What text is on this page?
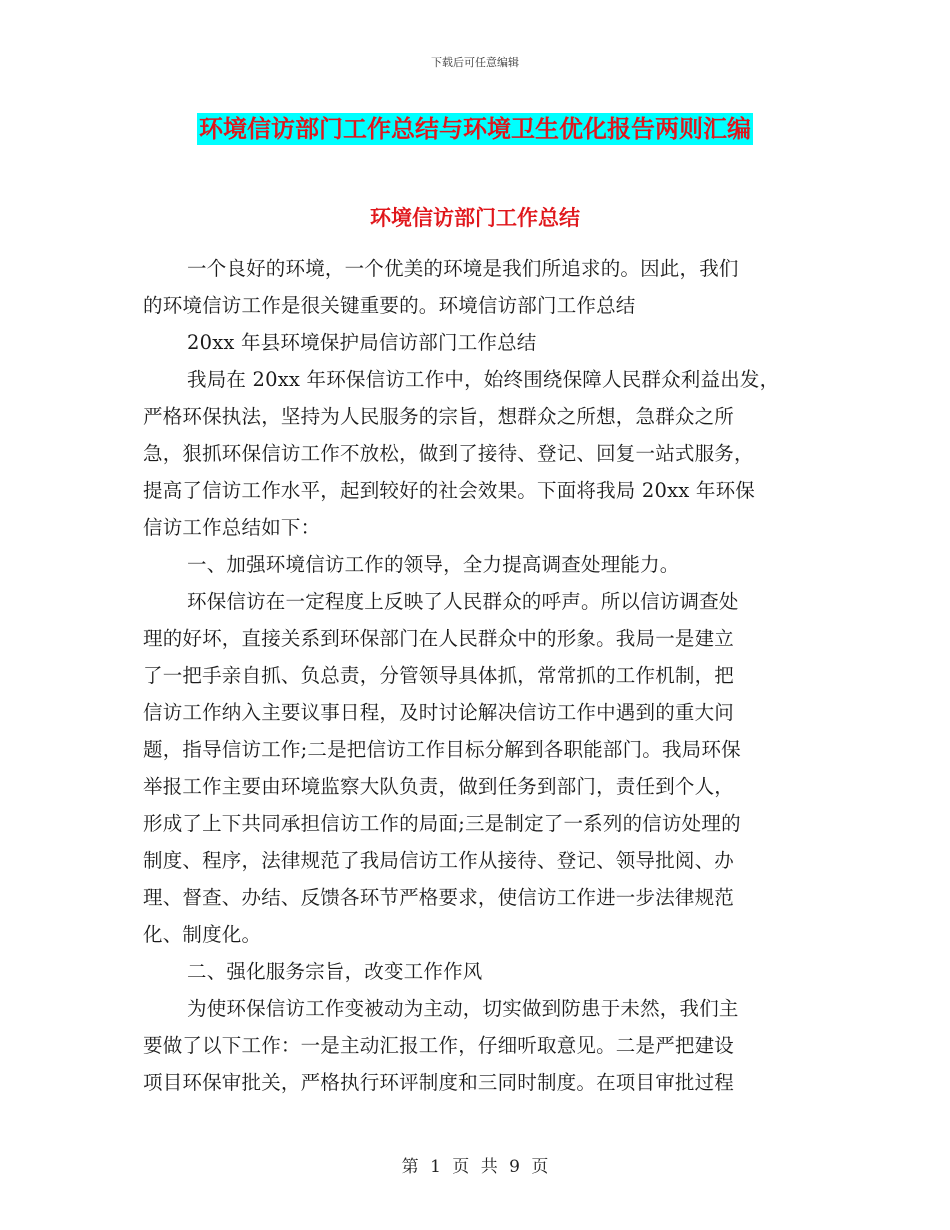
下载后可任意编辑
环境信访部门工作总结与环境卫生优化报告两则汇编
环境信访部门工作总结
一个良好的环境，一个优美的环境是我们所追求的。因此，我们
的环境信访工作是很关键重要的。环境信访部门工作总结
20xx 年县环境保护局信访部门工作总结
我局在 20xx 年环保信访工作中，始终围绕保障人民群众利益出发，
严格环保执法，坚持为人民服务的宗旨，想群众之所想，急群众之所
急，狠抓环保信访工作不放松，做到了接待、登记、回复一站式服务，
提高了信访工作水平，起到较好的社会效果。下面将我局 20xx 年环保
信访工作总结如下：
一、加强环境信访工作的领导，全力提高调查处理能力。
环保信访在一定程度上反映了人民群众的呼声。所以信访调查处
理的好坏，直接关系到环保部门在人民群众中的形象。我局一是建立
了一把手亲自抓、负总责，分管领导具体抓，常常抓的工作机制，把
信访工作纳入主要议事日程，及时讨论解决信访工作中遇到的重大问
题，指导信访工作;二是把信访工作目标分解到各职能部门。我局环保
举报工作主要由环境监察大队负责，做到任务到部门，责任到个人，
形成了上下共同承担信访工作的局面;三是制定了一系列的信访处理的
制度、程序，法律规范了我局信访工作从接待、登记、领导批阅、办
理、督查、办结、反馈各环节严格要求，使信访工作进一步法律规范
化、制度化。
二、强化服务宗旨，改变工作作风
为使环保信访工作变被动为主动，切实做到防患于未然，我们主
要做了以下工作：一是主动汇报工作，仔细听取意见。二是严把建设
项目环保审批关，严格执行环评制度和三同时制度。在项目审批过程
第 1 页 共 9 页
